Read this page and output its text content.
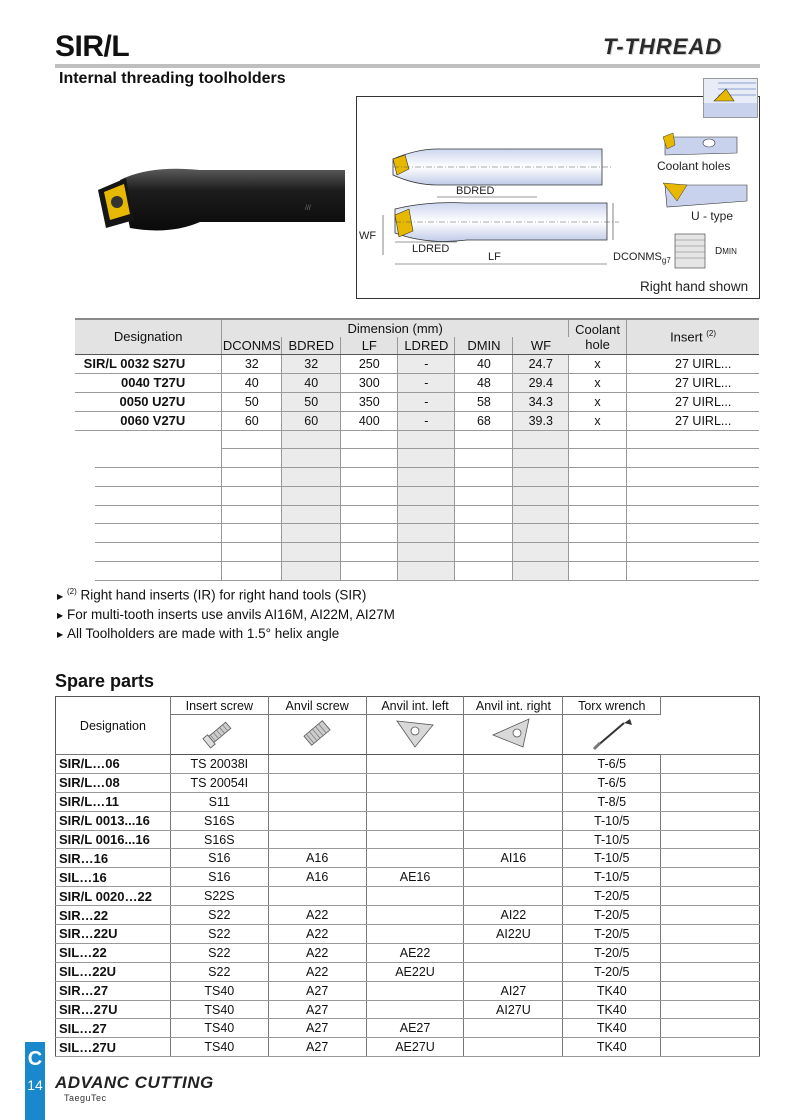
SIR/L	T-THREAD
Internal threading toolholders
///
Coolant holes
U - type
BDRED
WF
LDRED
LF	$DCONMS_{g7}$
DMIN
Right hand shown
Designation	Dimension (mm)						Coolant hole	Insert $^{(2)}$
	DCONMS	BDRED	LF	LDRED	DMIN	WF		
SIR/L 0032 S27U	32	32	250	-	40	24.7	x	27 UIRL...
0040 T27U	40	40	300	-	48	29.4	x	27 UIRL...
0050 U27U	50	50	350	-	58	34.3	x	27 UIRL...
0060 V27U	60	60	400	-	68	39.3	x	27 UIRL...

▶ $^{(2)}$ Right hand inserts (IR) for right hand tools (SIR)
▶ For multi-tooth inserts use anvils AI16M, AI22M, AI27M
▶ All Toolholders are made with 1.5° helix angle
Spare parts
Designation	Insert screw	Anvil screw	Anvil int. left	Anvil int. right	Torx wrench	

SIR/L…06	TS 20038I				T-6/5	
SIR/L…08	TS 20054I				T-6/5	
SIR/L…11	S11				T-8/5	
SIR/L 0013...16	S16S				T-10/5	
SIR/L 0016...16	S16S				T-10/5	
SIR…16	S16	A16		AI16	T-10/5	
SIL…16	S16	A16	AE16		T-10/5	
SIR/L 0020…22	S22S				T-20/5	
SIR…22	S22	A22		AI22	T-20/5	
SIR…22U	S22	A22		AI22U	T-20/5	
SIL…22	S22	A22	AE22		T-20/5	
SIL…22U	S22	A22	AE22U		T-20/5	
SIR…27	TS40	A27		AI27	TK40	
SIR…27U	TS40	A27		AI27U	TK40	
SIL…27	TS40	A27	AE27		TK40	
SIL…27U	TS40	A27	AE27U		TK40	
C
14 ADVANC CUTTING
TaeguTec
